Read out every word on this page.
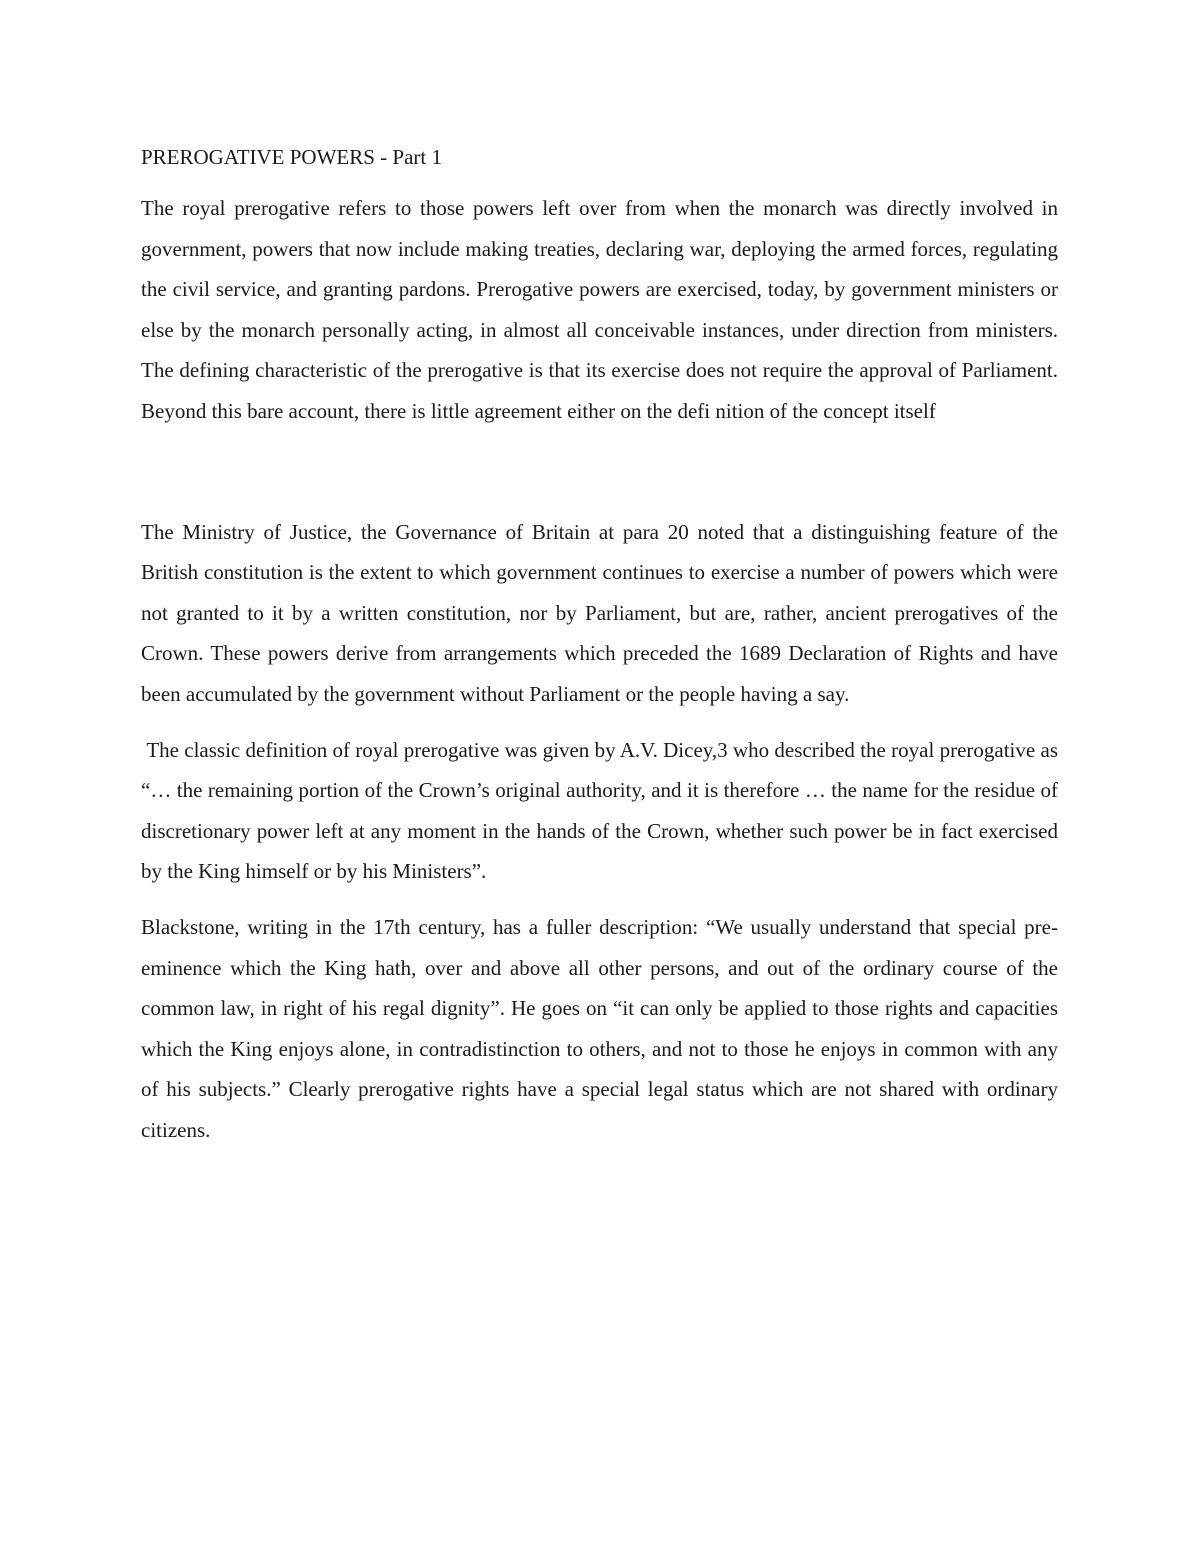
PREROGATIVE POWERS - Part 1

The royal prerogative refers to those powers left over from when the monarch was directly involved in government, powers that now include making treaties, declaring war, deploying the armed forces, regulating the civil service, and granting pardons. Prerogative powers are exercised, today, by government ministers or else by the monarch personally acting, in almost all conceivable instances, under direction from ministers. The defining characteristic of the prerogative is that its exercise does not require the approval of Parliament. Beyond this bare account, there is little agreement either on the defi nition of the concept itself

The Ministry of Justice, the Governance of Britain at para 20 noted that a distinguishing feature of the British constitution is the extent to which government continues to exercise a number of powers which were not granted to it by a written constitution, nor by Parliament, but are, rather, ancient prerogatives of the Crown. These powers derive from arrangements which preceded the 1689 Declaration of Rights and have been accumulated by the government without Parliament or the people having a say.

The classic definition of royal prerogative was given by A.V. Dicey,3 who described the royal prerogative as “… the remaining portion of the Crown’s original authority, and it is therefore … the name for the residue of discretionary power left at any moment in the hands of the Crown, whether such power be in fact exercised by the King himself or by his Ministers”.

Blackstone, writing in the 17th century, has a fuller description: “We usually understand that special pre-eminence which the King hath, over and above all other persons, and out of the ordinary course of the common law, in right of his regal dignity”. He goes on “it can only be applied to those rights and capacities which the King enjoys alone, in contradistinction to others, and not to those he enjoys in common with any of his subjects.” Clearly prerogative rights have a special legal status which are not shared with ordinary citizens.
